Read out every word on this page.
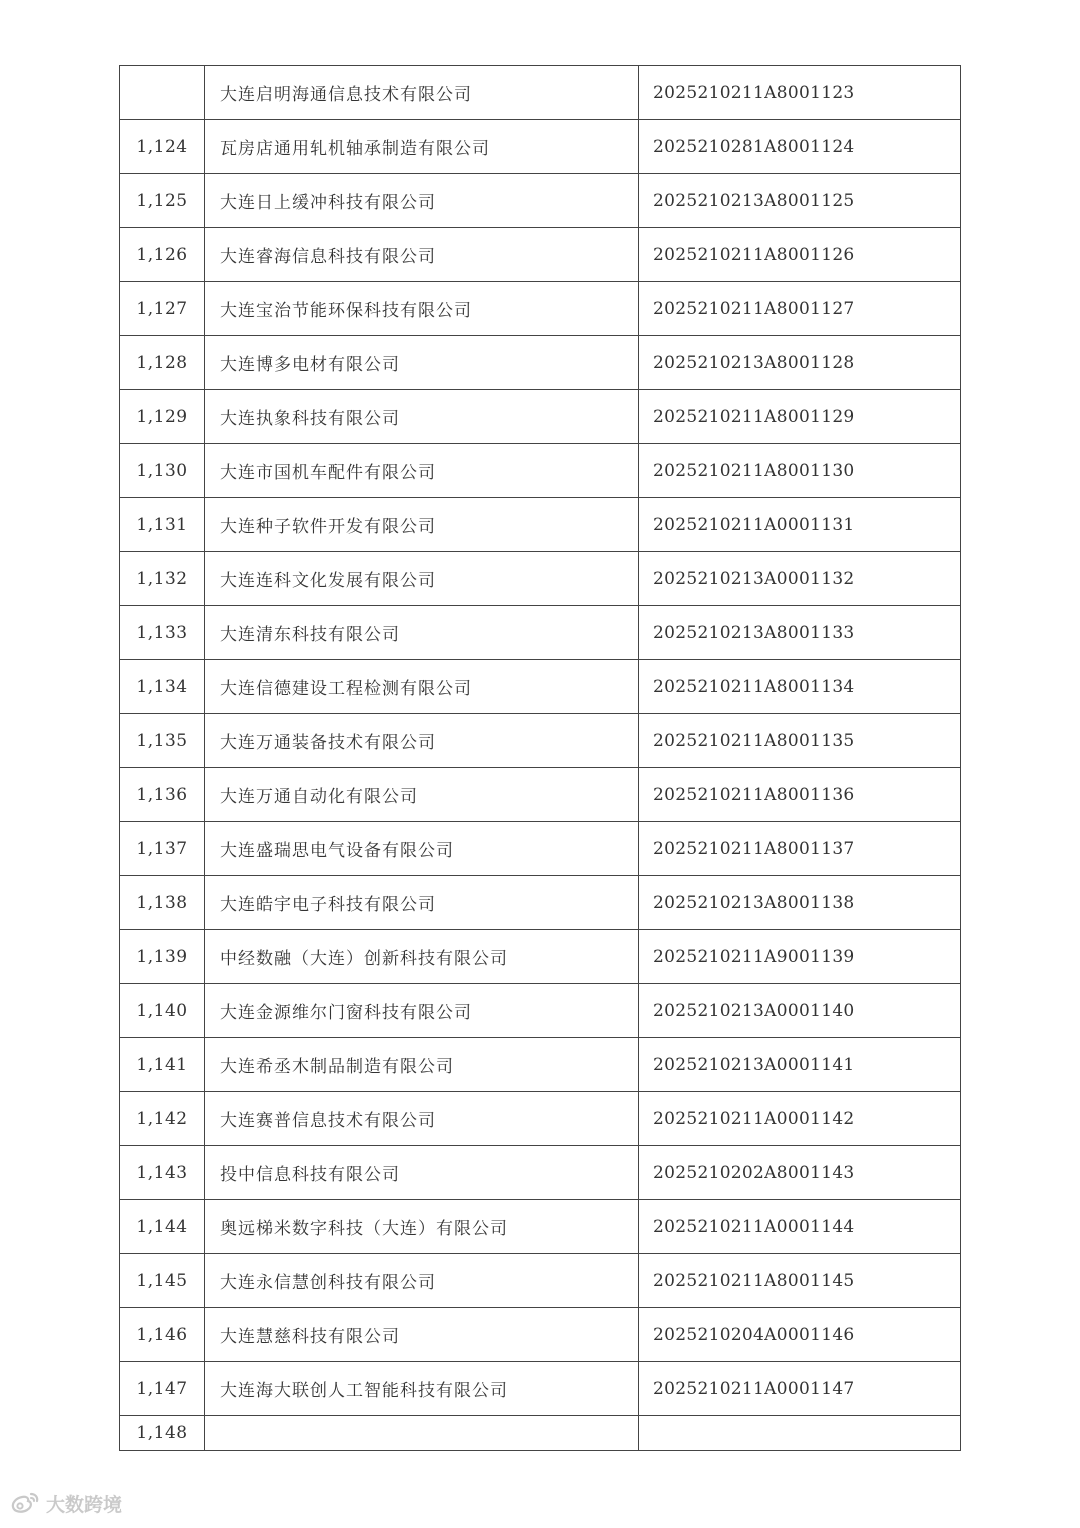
	大连启明海通信息技术有限公司	2025210211A8001123
1,124	瓦房店通用轧机轴承制造有限公司	2025210281A8001124
1,125	大连日上缓冲科技有限公司	2025210213A8001125
1,126	大连睿海信息科技有限公司	2025210211A8001126
1,127	大连宝治节能环保科技有限公司	2025210211A8001127
1,128	大连博多电材有限公司	2025210213A8001128
1,129	大连执象科技有限公司	2025210211A8001129
1,130	大连市国机车配件有限公司	2025210211A8001130
1,131	大连种子软件开发有限公司	2025210211A0001131
1,132	大连连科文化发展有限公司	2025210213A0001132
1,133	大连清东科技有限公司	2025210213A8001133
1,134	大连信德建设工程检测有限公司	2025210211A8001134
1,135	大连万通装备技术有限公司	2025210211A8001135
1,136	大连万通自动化有限公司	2025210211A8001136
1,137	大连盛瑞思电气设备有限公司	2025210211A8001137
1,138	大连皓宇电子科技有限公司	2025210213A8001138
1,139	中经数融（大连）创新科技有限公司	2025210211A9001139
1,140	大连金源维尔门窗科技有限公司	2025210213A0001140
1,141	大连希丞木制品制造有限公司	2025210213A0001141
1,142	大连赛普信息技术有限公司	2025210211A0001142
1,143	投中信息科技有限公司	2025210202A8001143
1,144	奥远梯米数字科技（大连）有限公司	2025210211A0001144
1,145	大连永信慧创科技有限公司	2025210211A8001145
1,146	大连慧慈科技有限公司	2025210204A0001146
1,147	大连海大联创人工智能科技有限公司	2025210211A0001147
1,148		
大数跨境
